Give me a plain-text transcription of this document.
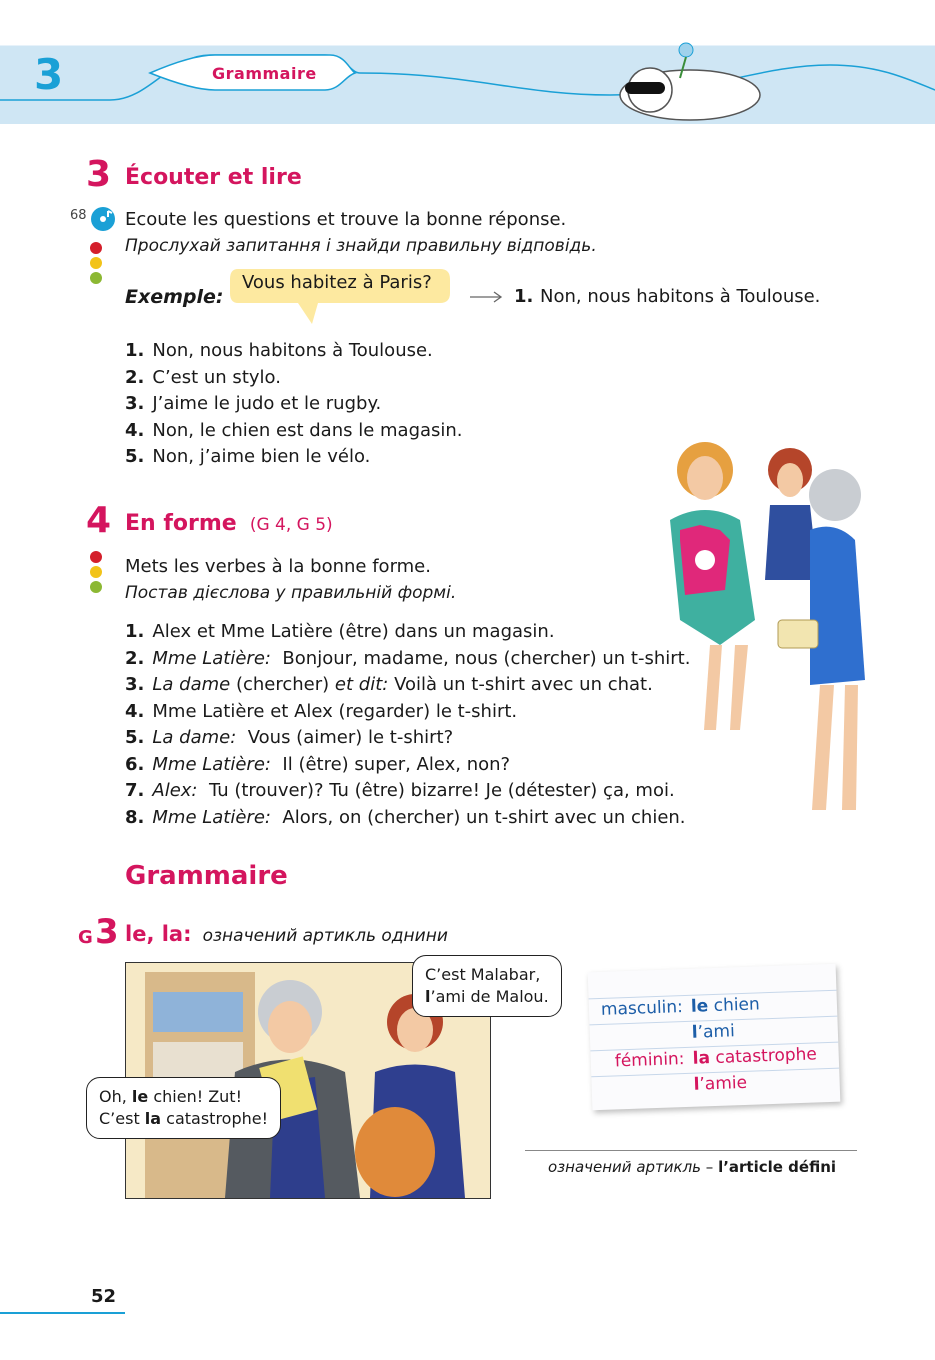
3	Grammaire
3 Écouter et lire
68 Ecoute les questions et trouve la bonne réponse.
Прослухай запитання і знайди правильну відповідь.
Exemple:
Vous habitez à Paris?
1. Non, nous habitons à Toulouse.
1. Non, nous habitons à Toulouse.
2. C’est un stylo.
3. J’aime le judo et le rugby.
4. Non, le chien est dans le magasin.
5. Non, j’aime bien le vélo.
4 En forme (G 4, G 5)
Mets les verbes à la bonne forme.
Постав дієслова у правильній формі.
1. Alex et Mme Latière (être) dans un magasin.
2. Mme Latière: Bonjour, madame, nous (chercher) un t-shirt.
3. La dame (chercher) et dit: Voilà un t-shirt avec un chat.
4. Mme Latière et Alex (regarder) le t-shirt.
5. La dame: Vous (aimer) le t-shirt?
6. Mme Latière: Il (être) super, Alex, non?
7. Alex: Tu (trouver)? Tu (être) bizarre! Je (détester) ça, moi.
8. Mme Latière: Alors, on (chercher) un t-shirt avec un chien.
Grammaire
G 3 le, la: означений артикль однини
C’est Malabar,
l’ami de Malou.
Oh, le chien! Zut!
C’est la catastrophe!
masculin: le chien
l’ami
féminin: la catastrophe
l’amie
означений артикль – l’article défini
52
